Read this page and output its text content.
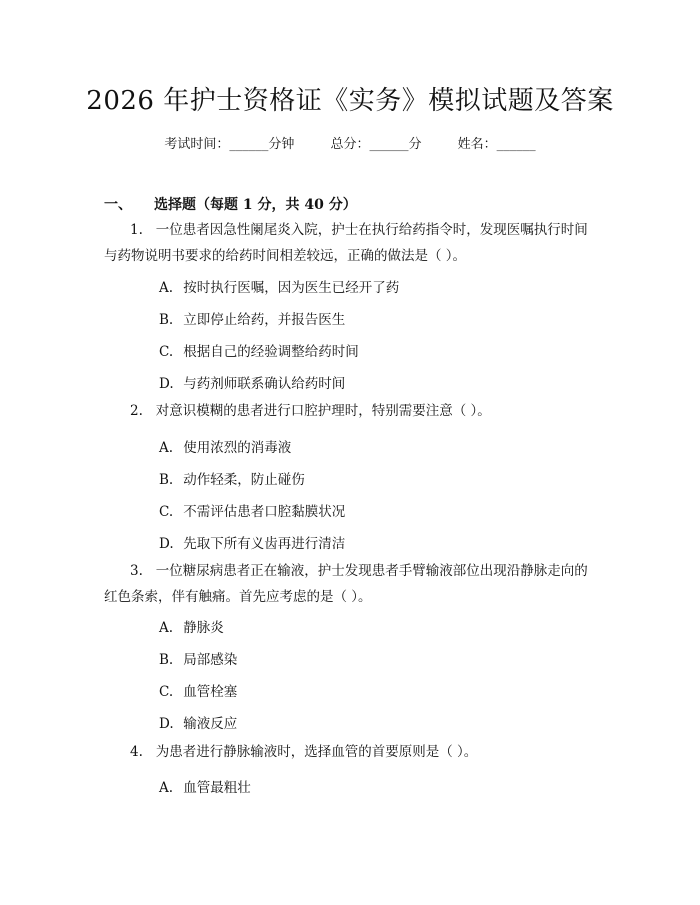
2026 年护士资格证《实务》模拟试题及答案
考试时间：______分钟	总分：______分	姓名：______
一、 选择题（每题 1 分，共 40 分）
1. 一位患者因急性阑尾炎入院，护士在执行给药指令时，发现医嘱执行时间
与药物说明书要求的给药时间相差较远，正确的做法是（ ）。
A. 按时执行医嘱，因为医生已经开了药
B. 立即停止给药，并报告医生
C. 根据自己的经验调整给药时间
D. 与药剂师联系确认给药时间
2. 对意识模糊的患者进行口腔护理时，特别需要注意（ ）。
A. 使用浓烈的消毒液
B. 动作轻柔，防止碰伤
C. 不需评估患者口腔黏膜状况
D. 先取下所有义齿再进行清洁
3. 一位糖尿病患者正在输液，护士发现患者手臂输液部位出现沿静脉走向的
红色条索，伴有触痛。首先应考虑的是（ ）。
A. 静脉炎
B. 局部感染
C. 血管栓塞
D. 输液反应
4. 为患者进行静脉输液时，选择血管的首要原则是（ ）。
A. 血管最粗壮
